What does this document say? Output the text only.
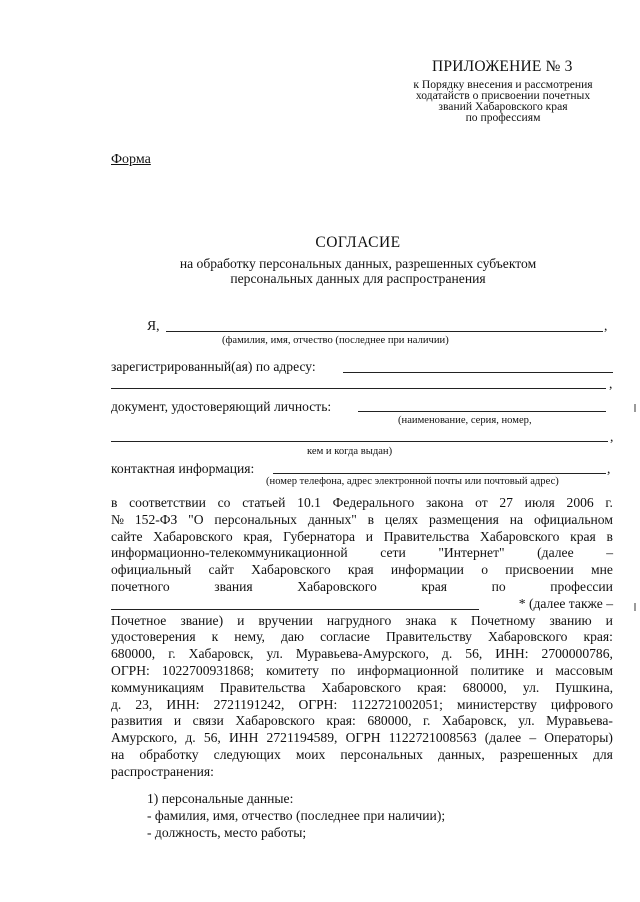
ПРИЛОЖЕНИЕ № 3
к Порядку внесения и рассмотрения
ходатайств о присвоении почетных
званий Хабаровского края
по профессиям
Форма
СОГЛАСИЕ
на обработку персональных данных, разрешенных субъектом
персональных данных для распространения
Я,	,
(фамилия, имя, отчество (последнее при наличии)
зарегистрированный(ая) по адресу:
,
документ, удостоверяющий личность:
(наименование, серия, номер,
,
кем и когда выдан)
контактная информация:	,
(номер телефона, адрес электронной почты или почтовый адрес)
в соответствии со статьей 10.1 Федерального закона от 27 июля 2006 г.
№ 152-ФЗ "О персональных данных" в целях размещения на официальном
сайте Хабаровского края, Губернатора и Правительства Хабаровского края в
информационно-телекоммуникационной сети "Интернет" (далее –
официальный сайт Хабаровского края информации о присвоении мне
почетного	звания	Хабаровского	края	по	профессии
* (далее также –
Почетное звание) и вручении нагрудного знака к Почетному званию и
удостоверения к нему, даю согласие Правительству Хабаровского края:
680000, г. Хабаровск, ул. Муравьева-Амурского, д. 56, ИНН: 2700000786,
ОГРН: 1022700931868; комитету по информационной политике и массовым
коммуникациям Правительства Хабаровского края: 680000, ул. Пушкина,
д. 23, ИНН: 2721191242, ОГРН: 1122721002051; министерству цифрового
развития и связи Хабаровского края: 680000, г. Хабаровск, ул. Муравьева-
Амурского, д. 56, ИНН 2721194589, ОГРН 1122721008563 (далее – Операторы)
на обработку следующих моих персональных данных, разрешенных для
распространения:
1) персональные данные:
- фамилия, имя, отчество (последнее при наличии);
- должность, место работы;
